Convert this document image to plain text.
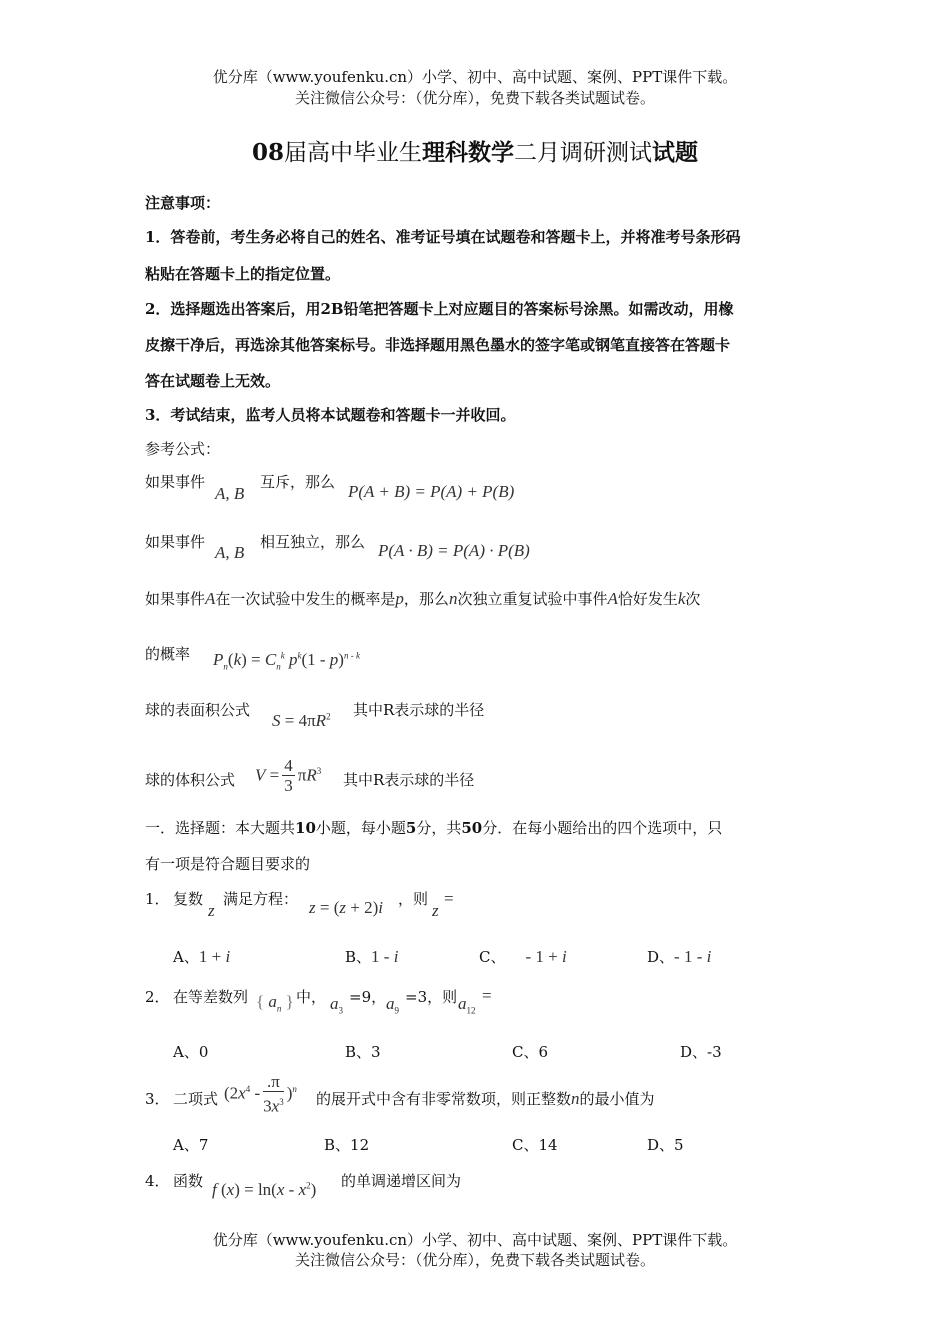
优分库（www.youfenku.cn）小学、初中、高中试题、案例、PPT课件下载。
关注微信公众号：（优分库），免费下载各类试题试卷。
08届高中毕业生理科数学二月调研测试试题
注意事项：
1．答卷前，考生务必将自己的姓名、准考证号填在试题卷和答题卡上，并将准考号条形码
粘贴在答题卡上的指定位置。
2．选择题选出答案后，用2B铅笔把答题卡上对应题目的答案标号涂黑。如需改动，用橡
皮擦干净后，再选涂其他答案标号。非选择题用黑色墨水的签字笔或钢笔直接答在答题卡
答在试题卷上无效。
3．考试结束，监考人员将本试题卷和答题卡一并收回。
参考公式：
如果事件
A, B
互斥，那么 P(A + B) = P(A) + P(B)
如果事件
A, B
相互独立，那么 P(A · B) = P(A) · P(B)
如果事件A在一次试验中发生的概率是p，那么n次独立重复试验中事件A恰好发生k次
的概率 $P_n(k) = C_n^k$ $p^k(1 - p)^{n - k}$
球的表面积公式
$S = 4\pi R^2$ 其中R表示球的半径
球的体积公式 $V = \frac{4}{3} \pi R^3$
其中R表示球的半径
一．选择题：本大题共10小题，每小题5分，共50分．在每小题给出的四个选项中，只
有一项是符合题目要求的
1． 复数
z
满足方程： z = (z + 2)i ，则
z
=
A、1 + i	B、1 - i	C、 - 1 + i	D、- 1 - i
2． 在等差数列 { $a_n$ } 中， $a_3$
=9， $a_9$
=3，则 $a_{12}$
=
A、0	B、3	C、6	D、-3
3． 二项式 $(2x^4 - \frac{.\pi}{3x^3} )^n$
的展开式中含有非零常数项，则正整数n的最小值为
A、7	B、12	C、14	D、5
4． 函数 f $(x) = \ln(x - x^2)$ 的单调递增区间为
优分库（www.youfenku.cn）小学、初中、高中试题、案例、PPT课件下载。
关注微信公众号：（优分库），免费下载各类试题试卷。
